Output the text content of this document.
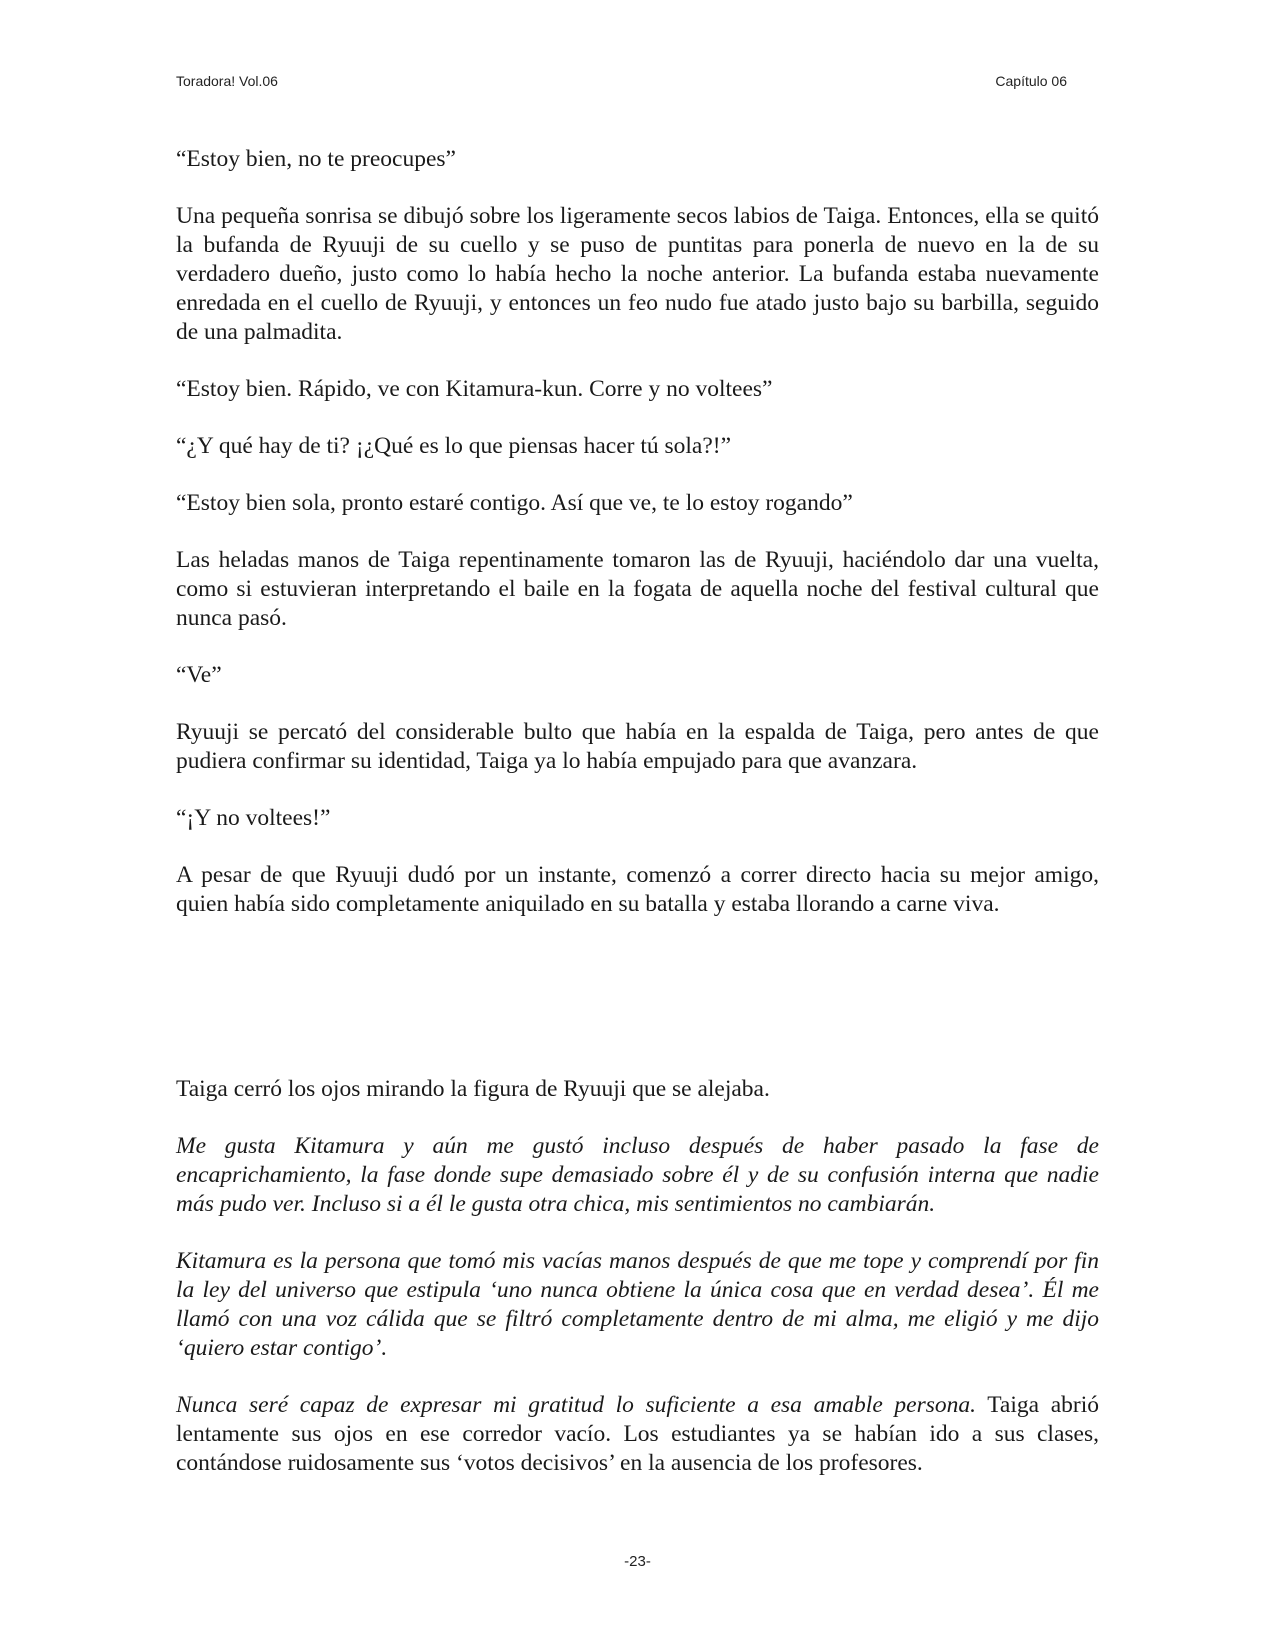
Toradora! Vol.06	Capítulo 06

“Estoy bien, no te preocupes”

Una pequeña sonrisa se dibujó sobre los ligeramente secos labios de Taiga. Entonces, ella se quitó la bufanda de Ryuuji de su cuello y se puso de puntitas para ponerla de nuevo en la de su verdadero dueño, justo como lo había hecho la noche anterior. La bufanda estaba nuevamente enredada en el cuello de Ryuuji, y entonces un feo nudo fue atado justo bajo su barbilla, seguido de una palmadita.

“Estoy bien. Rápido, ve con Kitamura-kun. Corre y no voltees”

“¿Y qué hay de ti? ¡¿Qué es lo que piensas hacer tú sola?!”

“Estoy bien sola, pronto estaré contigo. Así que ve, te lo estoy rogando”

Las heladas manos de Taiga repentinamente tomaron las de Ryuuji, haciéndolo dar una vuelta, como si estuvieran interpretando el baile en la fogata de aquella noche del festival cultural que nunca pasó.

“Ve”

Ryuuji se percató del considerable bulto que había en la espalda de Taiga, pero antes de que pudiera confirmar su identidad, Taiga ya lo había empujado para que avanzara.

“¡Y no voltees!”

A pesar de que Ryuuji dudó por un instante, comenzó a correr directo hacia su mejor amigo, quien había sido completamente aniquilado en su batalla y estaba llorando a carne viva.

Taiga cerró los ojos mirando la figura de Ryuuji que se alejaba.

Me gusta Kitamura y aún me gustó incluso después de haber pasado la fase de encaprichamiento, la fase donde supe demasiado sobre él y de su confusión interna que nadie más pudo ver. Incluso si a él le gusta otra chica, mis sentimientos no cambiarán.

Kitamura es la persona que tomó mis vacías manos después de que me tope y comprendí por fin la ley del universo que estipula ‘uno nunca obtiene la única cosa que en verdad desea’. Él me llamó con una voz cálida que se filtró completamente dentro de mi alma, me eligió y me dijo ‘quiero estar contigo’.

Nunca seré capaz de expresar mi gratitud lo suficiente a esa amable persona. Taiga abrió lentamente sus ojos en ese corredor vacío. Los estudiantes ya se habían ido a sus clases, contándose ruidosamente sus ‘votos decisivos’ en la ausencia de los profesores.

-23-
